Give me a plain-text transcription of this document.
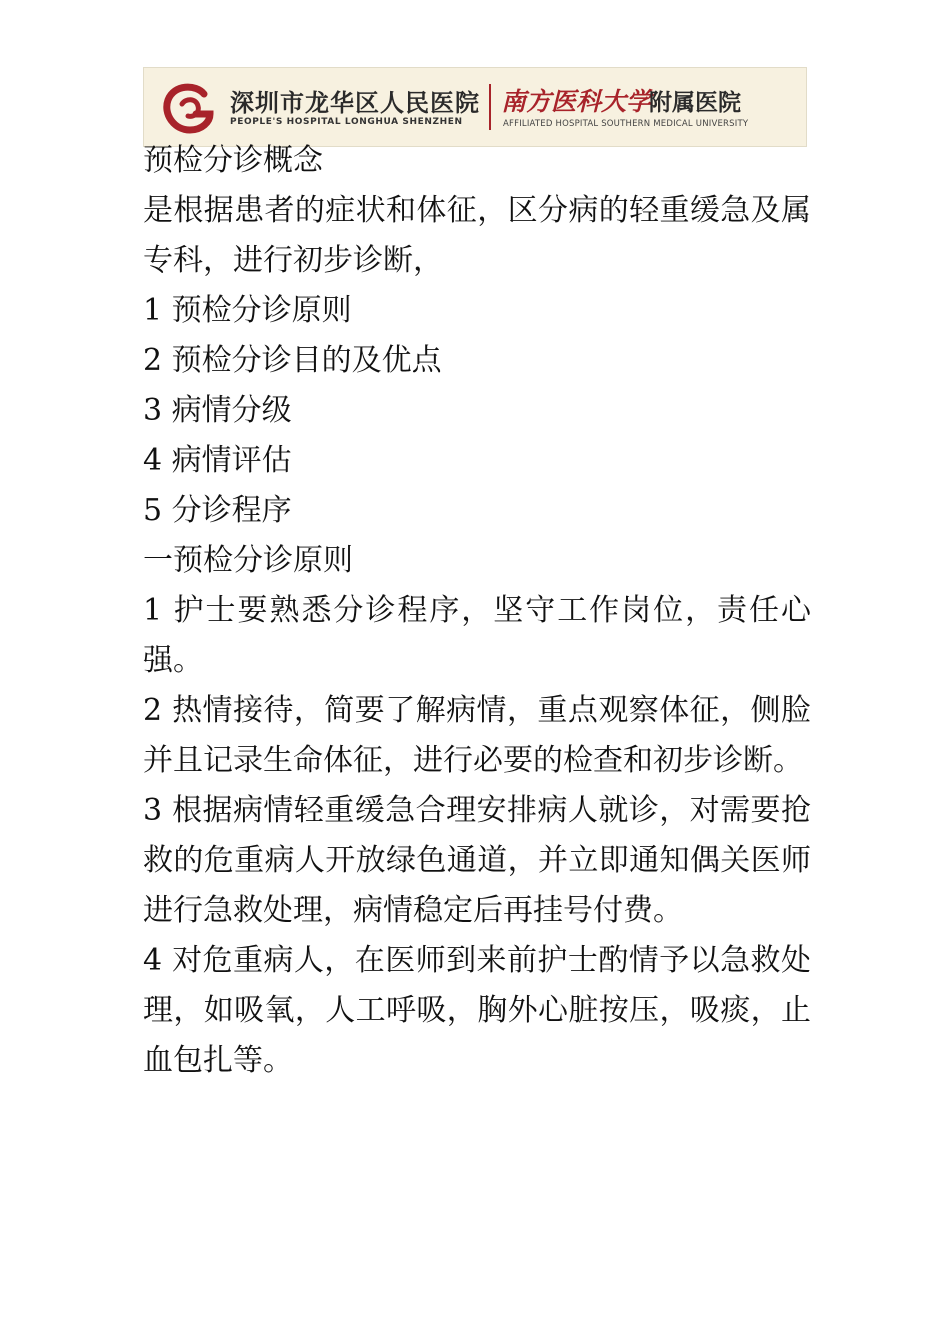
深圳市龙华区人民医院
PEOPLE'S HOSPITAL LONGHUA SHENZHEN
南方医科大学
附属医院
AFFILIATED HOSPITAL SOUTHERN MEDICAL UNIVERSITY

预检分诊概念

是根据患者的症状和体征，区分病的轻重缓急及属专科，进行初步诊断，

1 预检分诊原则

2 预检分诊目的及优点

3 病情分级

4 病情评估

5 分诊程序

一预检分诊原则

1 护士要熟悉分诊程序，坚守工作岗位，责任心强。

2 热情接待，简要了解病情，重点观察体征，侧脸并且记录生命体征，进行必要的检查和初步诊断。

3 根据病情轻重缓急合理安排病人就诊，对需要抢救的危重病人开放绿色通道，并立即通知偶关医师进行急救处理，病情稳定后再挂号付费。

4 对危重病人，在医师到来前护士酌情予以急救处理，如吸氧，人工呼吸，胸外心脏按压，吸痰，止血包扎等。
